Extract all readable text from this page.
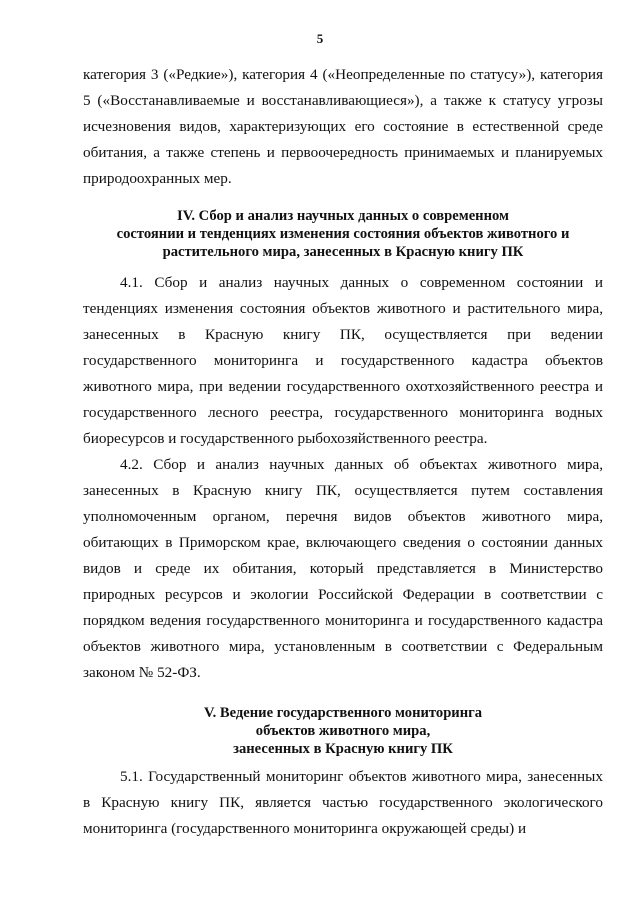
5

категория 3 («Редкие»), категория 4 («Неопределенные по статусу»), категория 5 («Восстанавливаемые и восстанавливающиеся»), а также к статусу угрозы исчезновения видов, характеризующих его состояние в естественной среде обитания, а также степень и первоочередность принимаемых и планируемых природоохранных мер.

IV. Сбор и анализ научных данных о современном
состоянии и тенденциях изменения состояния объектов животного и
растительного мира, занесенных в Красную книгу ПК

4.1. Сбор и анализ научных данных о современном состоянии и тенденциях изменения состояния объектов животного и растительного мира, занесенных в Красную книгу ПК, осуществляется при ведении государственного мониторинга и государственного кадастра объектов животного мира, при ведении государственного охотхозяйственного реестра и государственного лесного реестра, государственного мониторинга водных биоресурсов и государственного рыбохозяйственного реестра.

4.2. Сбор и анализ научных данных об объектах животного мира, занесенных в Красную книгу ПК, осуществляется путем составления уполномоченным органом, перечня видов объектов животного мира, обитающих в Приморском крае, включающего сведения о состоянии данных видов и среде их обитания, который представляется в Министерство природных ресурсов и экологии Российской Федерации в соответствии с порядком ведения государственного мониторинга и государственного кадастра объектов животного мира, установленным в соответствии с Федеральным законом № 52-ФЗ.

V. Ведение государственного мониторинга
объектов животного мира,
занесенных в Красную книгу ПК

5.1. Государственный мониторинг объектов животного мира, занесенных в Красную книгу ПК, является частью государственного экологического мониторинга (государственного мониторинга окружающей среды) и
